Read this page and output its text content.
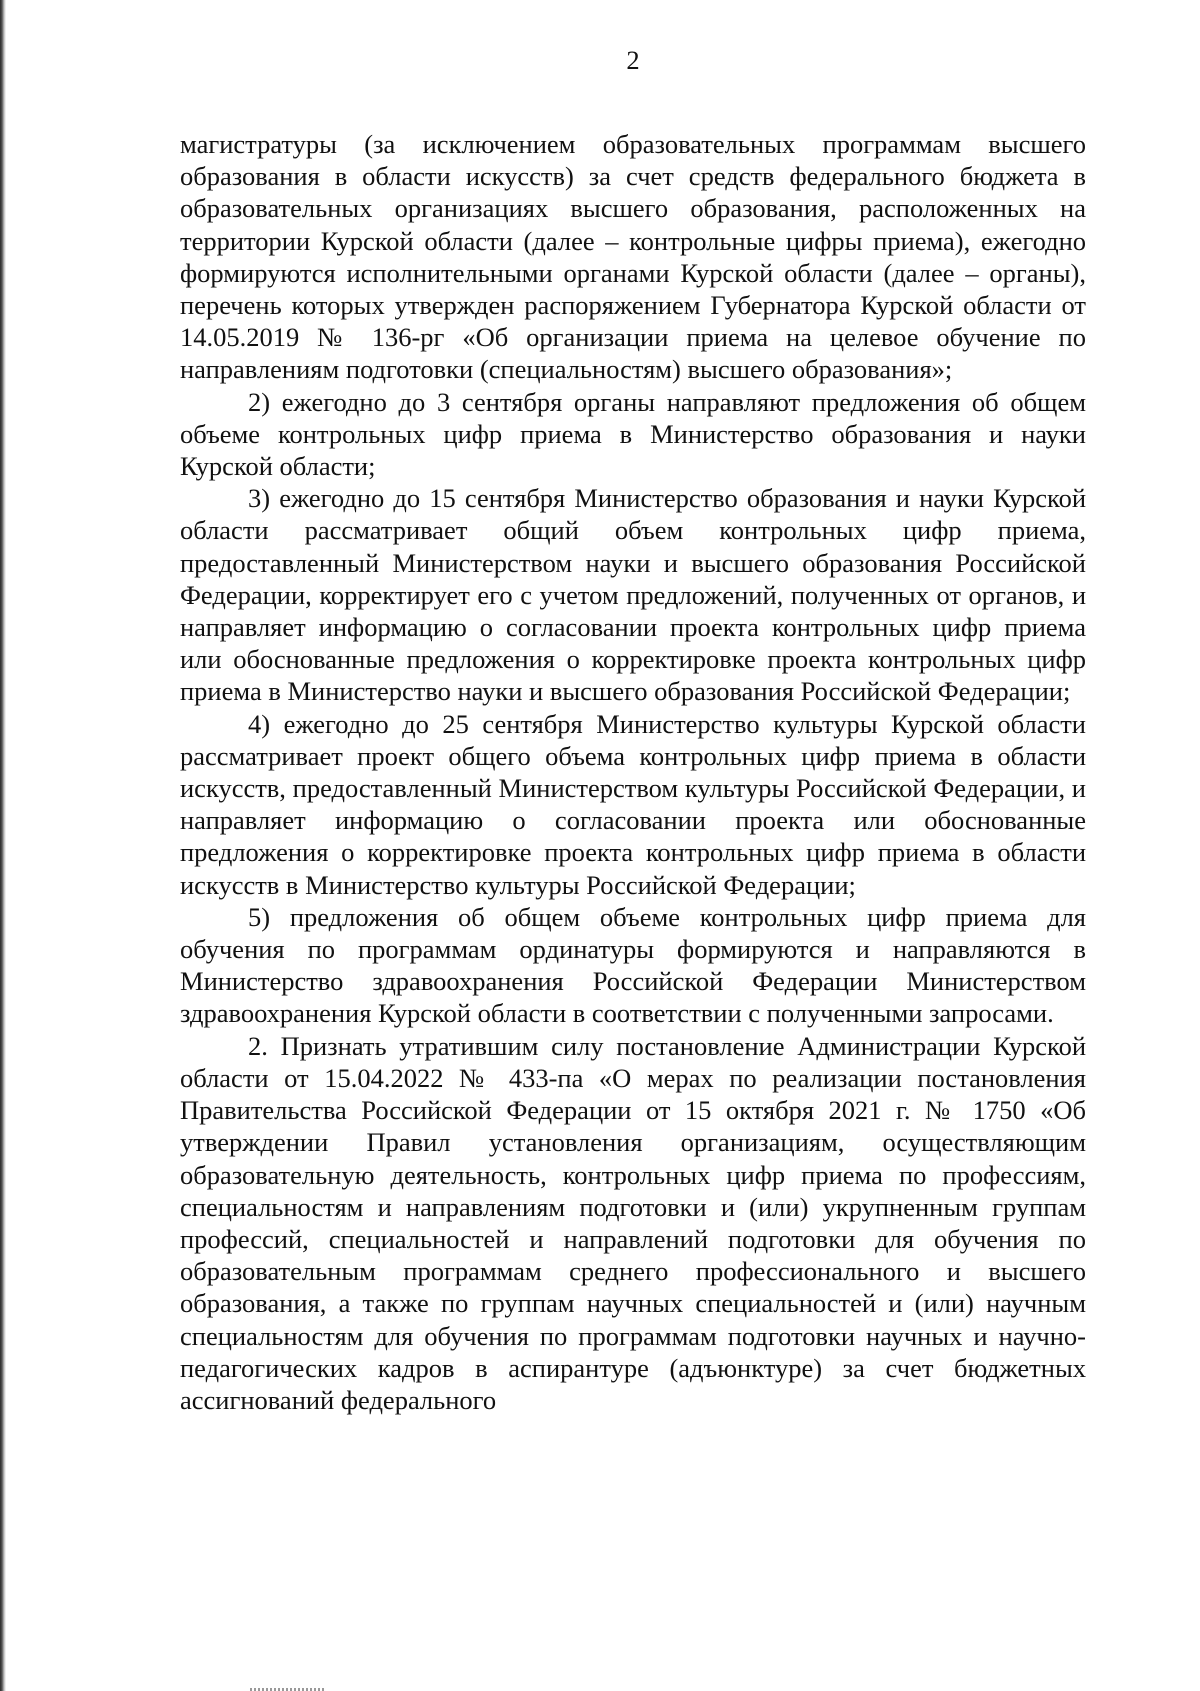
2

магистратуры (за исключением образовательных программам высшего образования в области искусств) за счет средств федерального бюджета в образовательных организациях высшего образования, расположенных на территории Курской области (далее – контрольные цифры приема), ежегодно формируются исполнительными органами Курской области (далее – органы), перечень которых утвержден распоряжением Губернатора Курской области от 14.05.2019 № 136-рг «Об организации приема на целевое обучение по направлениям подготовки (специальностям) высшего образования»;

2) ежегодно до 3 сентября органы направляют предложения об общем объеме контрольных цифр приема в Министерство образования и науки Курской области;

3) ежегодно до 15 сентября Министерство образования и науки Курской области рассматривает общий объем контрольных цифр приема, предоставленный Министерством науки и высшего образования Российской Федерации, корректирует его с учетом предложений, полученных от органов, и направляет информацию о согласовании проекта контрольных цифр приема или обоснованные предложения о корректировке проекта контрольных цифр приема в Министерство науки и высшего образования Российской Федерации;

4) ежегодно до 25 сентября Министерство культуры Курской области рассматривает проект общего объема контрольных цифр приема в области искусств, предоставленный Министерством культуры Российской Федерации, и направляет информацию о согласовании проекта или обоснованные предложения о корректировке проекта контрольных цифр приема в области искусств в Министерство культуры Российской Федерации;

5) предложения об общем объеме контрольных цифр приема для обучения по программам ординатуры формируются и направляются в Министерство здравоохранения Российской Федерации Министерством здравоохранения Курской области в соответствии с полученными запросами.

2. Признать утратившим силу постановление Администрации Курской области от 15.04.2022 № 433-па «О мерах по реализации постановления Правительства Российской Федерации от 15 октября 2021 г. № 1750 «Об утверждении Правил установления организациям, осуществляющим образовательную деятельность, контрольных цифр приема по профессиям, специальностям и направлениям подготовки и (или) укрупненным группам профессий, специальностей и направлений подготовки для обучения по образовательным программам среднего профессионального и высшего образования, а также по группам научных специальностей и (или) научным специальностям для обучения по программам подготовки научных и научно-педагогических кадров в аспирантуре (адъюнктуре) за счет бюджетных ассигнований федерального
